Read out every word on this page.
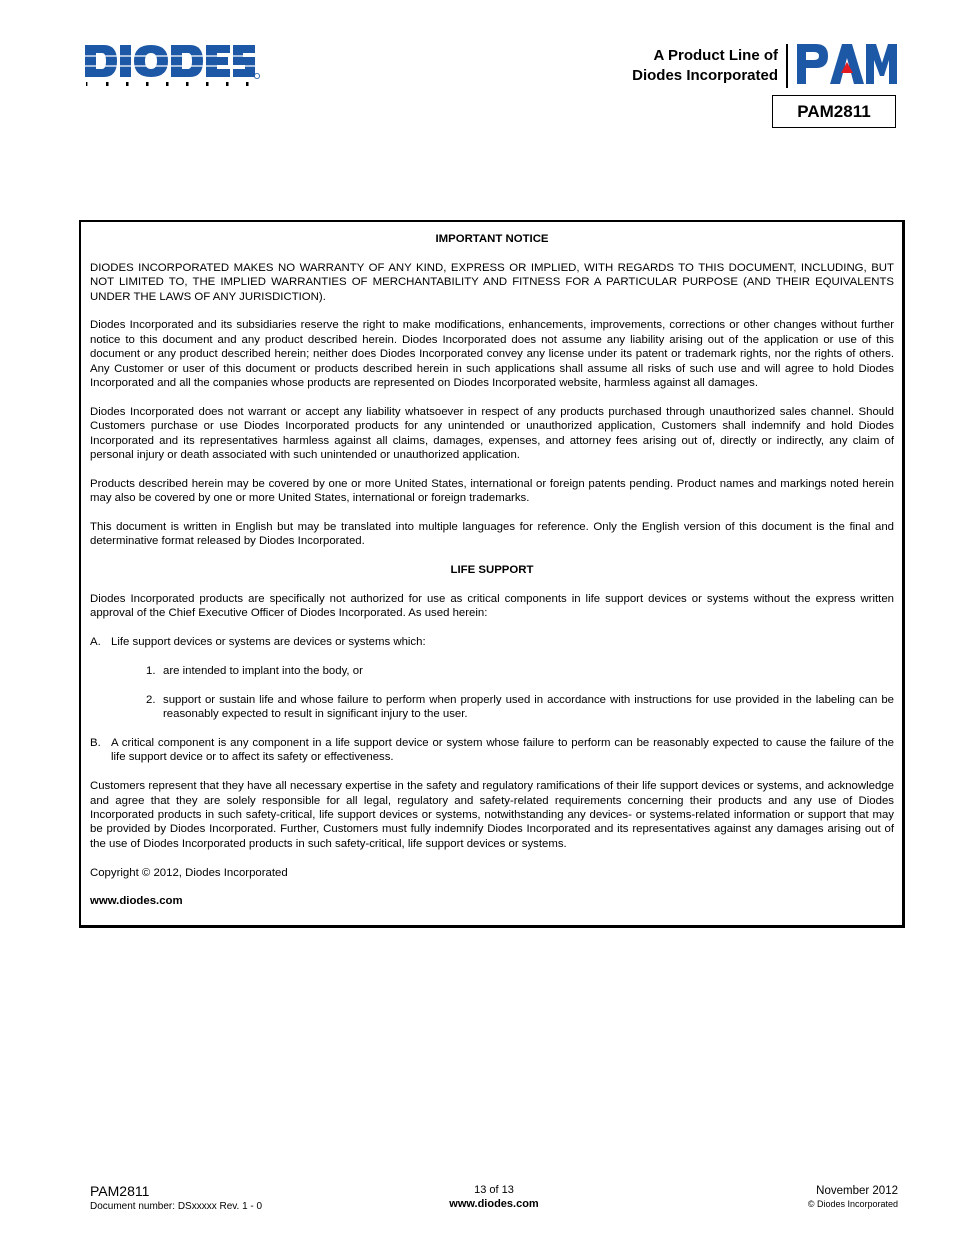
A Product Line of
Diodes Incorporated
PAM2811
IMPORTANT NOTICE

DIODES INCORPORATED MAKES NO WARRANTY OF ANY KIND, EXPRESS OR IMPLIED, WITH REGARDS TO THIS DOCUMENT, INCLUDING, BUT NOT LIMITED TO, THE IMPLIED WARRANTIES OF MERCHANTABILITY AND FITNESS FOR A PARTICULAR PURPOSE (AND THEIR EQUIVALENTS UNDER THE LAWS OF ANY JURISDICTION).

Diodes Incorporated and its subsidiaries reserve the right to make modifications, enhancements, improvements, corrections or other changes without further notice to this document and any product described herein. Diodes Incorporated does not assume any liability arising out of the application or use of this document or any product described herein; neither does Diodes Incorporated convey any license under its patent or trademark rights, nor the rights of others. Any Customer or user of this document or products described herein in such applications shall assume all risks of such use and will agree to hold Diodes Incorporated and all the companies whose products are represented on Diodes Incorporated website, harmless against all damages.

Diodes Incorporated does not warrant or accept any liability whatsoever in respect of any products purchased through unauthorized sales channel. Should Customers purchase or use Diodes Incorporated products for any unintended or unauthorized application, Customers shall indemnify and hold Diodes Incorporated and its representatives harmless against all claims, damages, expenses, and attorney fees arising out of, directly or indirectly, any claim of personal injury or death associated with such unintended or unauthorized application.

Products described herein may be covered by one or more United States, international or foreign patents pending. Product names and markings noted herein may also be covered by one or more United States, international or foreign trademarks.

This document is written in English but may be translated into multiple languages for reference. Only the English version of this document is the final and determinative format released by Diodes Incorporated.

LIFE SUPPORT

Diodes Incorporated products are specifically not authorized for use as critical components in life support devices or systems without the express written approval of the Chief Executive Officer of Diodes Incorporated. As used herein:

A. Life support devices or systems are devices or systems which:
1. are intended to implant into the body, or
2. support or sustain life and whose failure to perform when properly used in accordance with instructions for use provided in the labeling can be reasonably expected to result in significant injury to the user.
B. A critical component is any component in a life support device or system whose failure to perform can be reasonably expected to cause the failure of the life support device or to affect its safety or effectiveness.

Customers represent that they have all necessary expertise in the safety and regulatory ramifications of their life support devices or systems, and acknowledge and agree that they are solely responsible for all legal, regulatory and safety-related requirements concerning their products and any use of Diodes Incorporated products in such safety-critical, life support devices or systems, notwithstanding any devices- or systems-related information or support that may be provided by Diodes Incorporated. Further, Customers must fully indemnify Diodes Incorporated and its representatives against any damages arising out of the use of Diodes Incorporated products in such safety-critical, life support devices or systems.

Copyright © 2012, Diodes Incorporated

www.diodes.com

PAM2811
Document number: DSxxxxx Rev. 1 - 0
13 of 13
www.diodes.com
November 2012
© Diodes Incorporated
